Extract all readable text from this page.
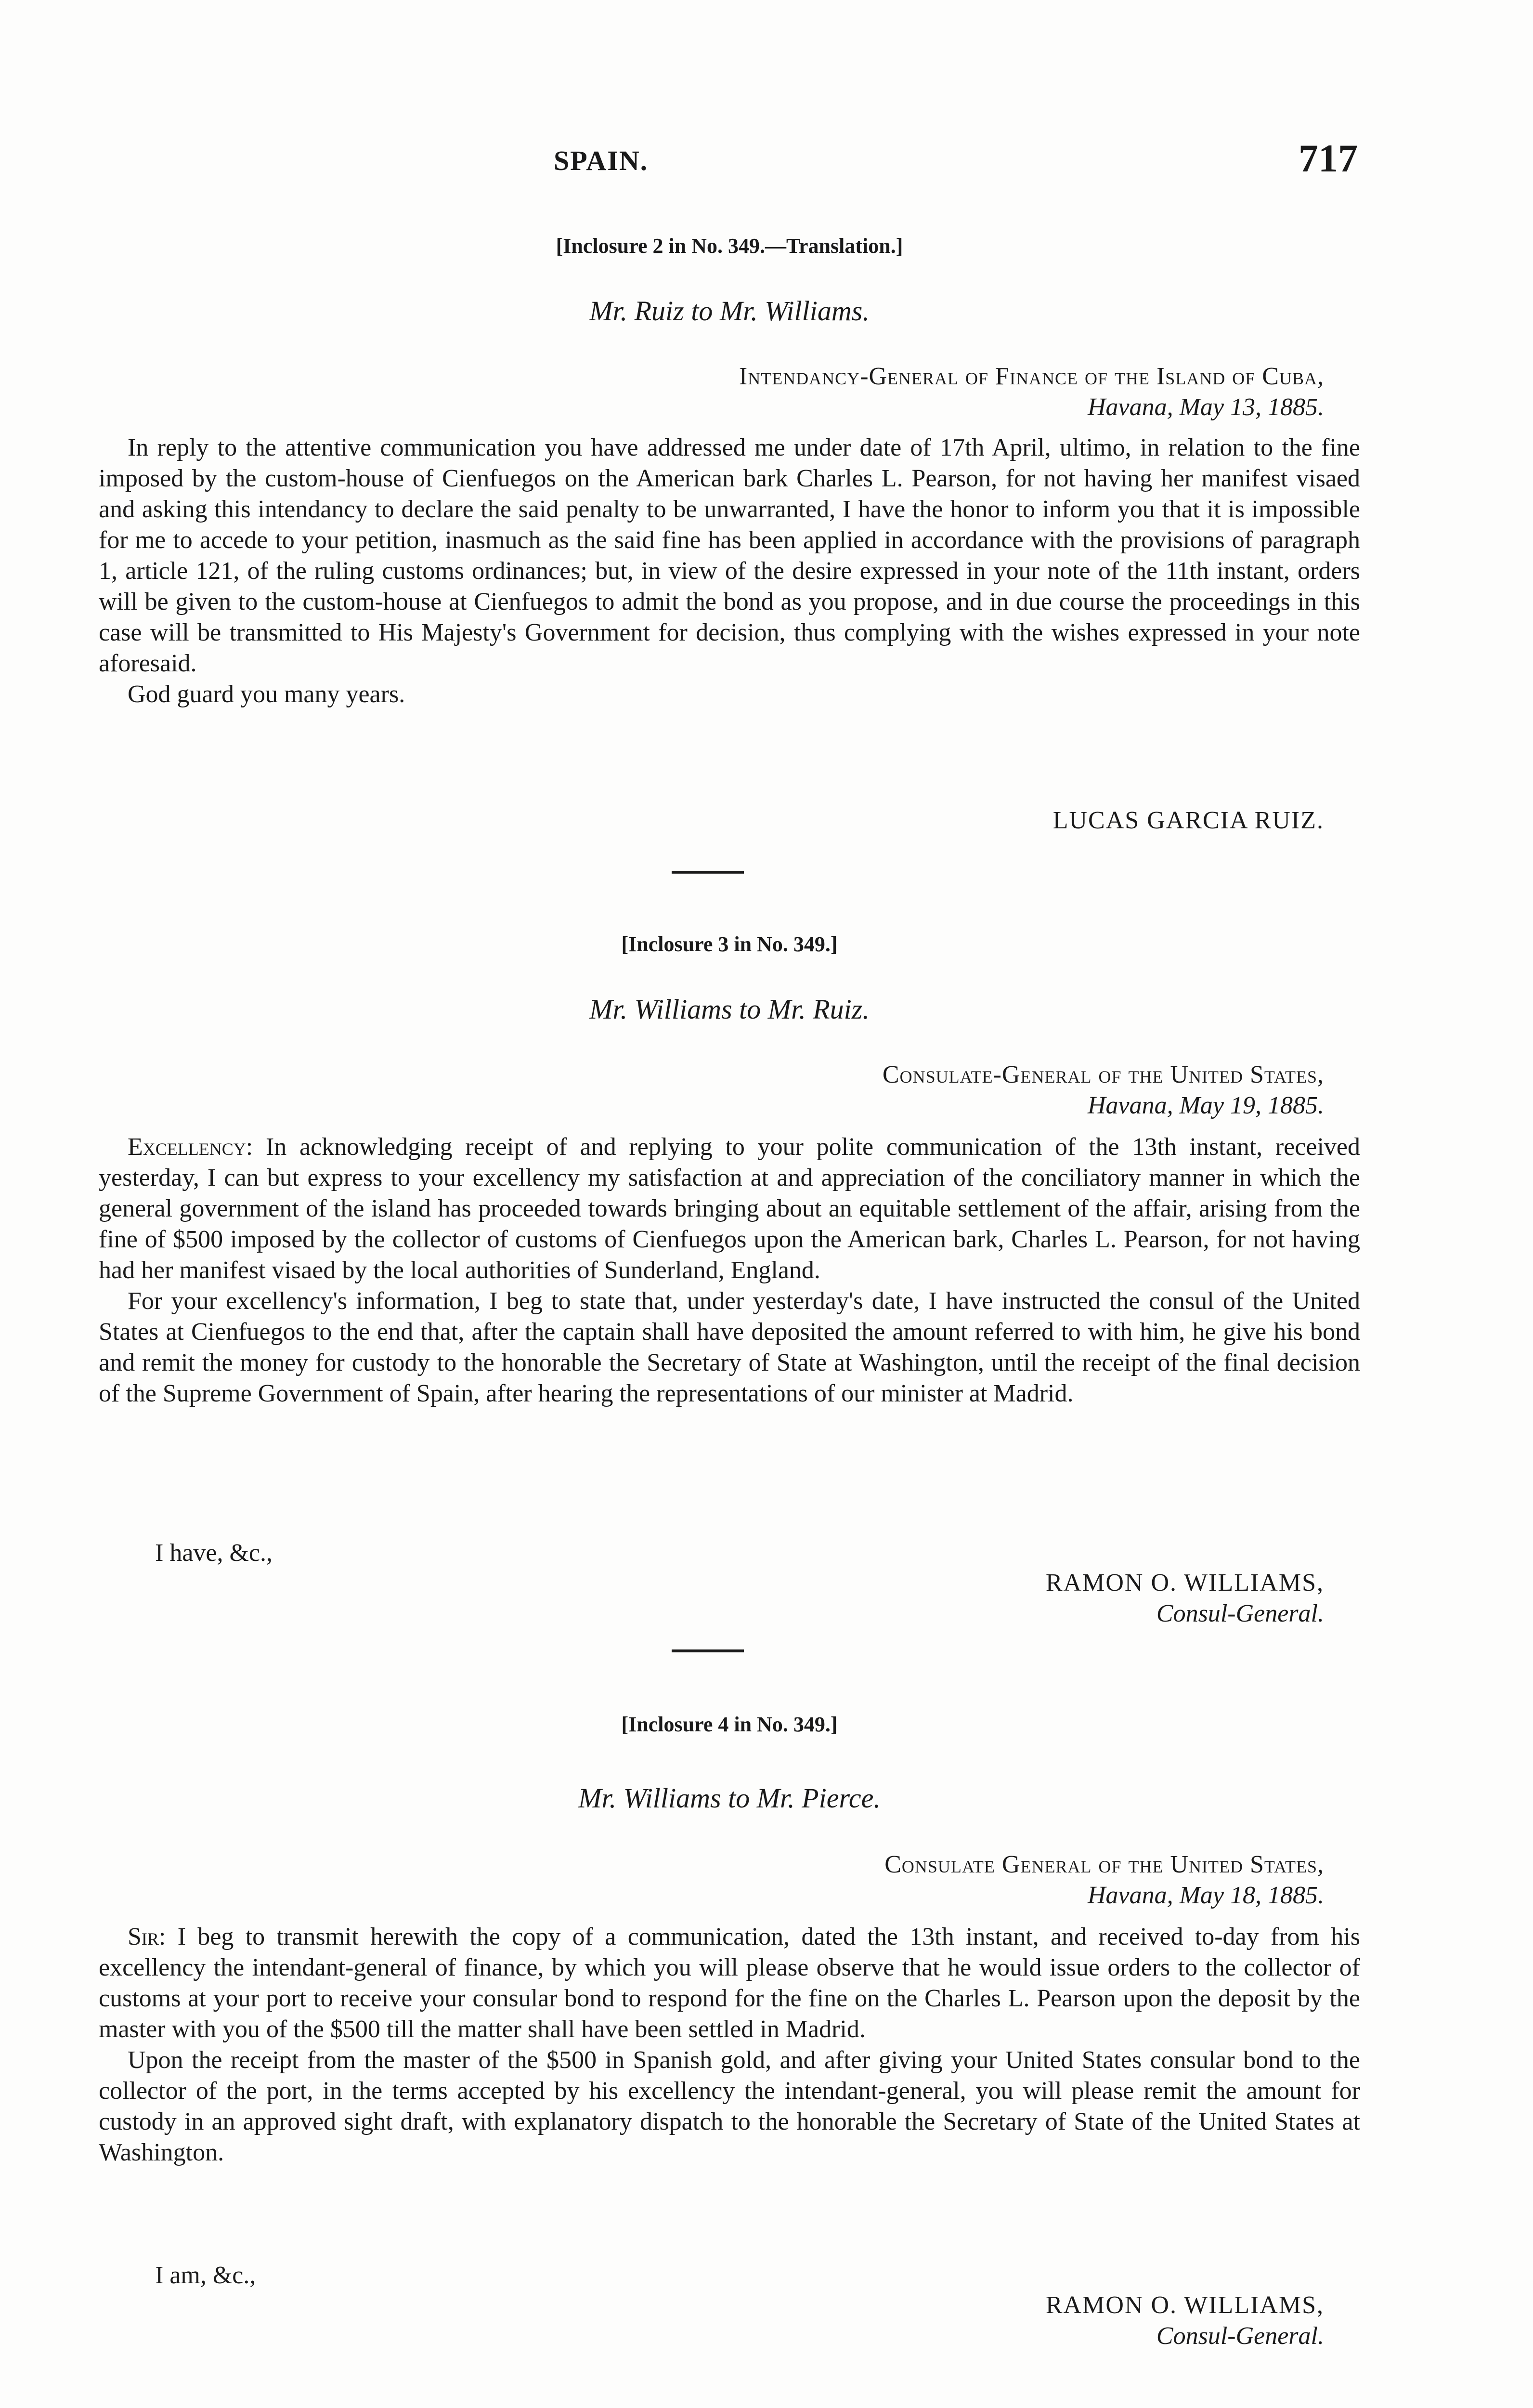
SPAIN.	717
[Inclosure 2 in No. 349.—Translation.]
Mr. Ruiz to Mr. Williams.
Intendancy-General of Finance of the Island of Cuba,
Havana, May 13, 1885.

In reply to the attentive communication you have addressed me under date of 17th April, ultimo, in relation to the fine imposed by the custom-house of Cienfuegos on the American bark Charles L. Pearson, for not having her manifest visaed and asking this intendancy to declare the said penalty to be unwarranted, I have the honor to inform you that it is impossible for me to accede to your petition, inasmuch as the said fine has been applied in accordance with the provisions of paragraph 1, article 121, of the ruling customs ordinances; but, in view of the desire expressed in your note of the 11th instant, orders will be given to the custom-house at Cienfuegos to admit the bond as you propose, and in due course the proceedings in this case will be transmitted to His Majesty's Government for decision, thus complying with the wishes expressed in your note aforesaid.

God guard you many years.

LUCAS GARCIA RUIZ.
[Inclosure 3 in No. 349.]
Mr. Williams to Mr. Ruiz.
Consulate-General of the United States,
Havana, May 19, 1885.

Excellency: In acknowledging receipt of and replying to your polite communication of the 13th instant, received yesterday, I can but express to your excellency my satisfaction at and appreciation of the conciliatory manner in which the general government of the island has proceeded towards bringing about an equitable settlement of the affair, arising from the fine of $500 imposed by the collector of customs of Cienfuegos upon the American bark, Charles L. Pearson, for not having had her manifest visaed by the local authorities of Sunderland, England.

For your excellency's information, I beg to state that, under yesterday's date, I have instructed the consul of the United States at Cienfuegos to the end that, after the captain shall have deposited the amount referred to with him, he give his bond and remit the money for custody to the honorable the Secretary of State at Washington, until the receipt of the final decision of the Supreme Government of Spain, after hearing the representations of our minister at Madrid.

I have, &c.,
RAMON O. WILLIAMS,
Consul-General.
[Inclosure 4 in No. 349.]
Mr. Williams to Mr. Pierce.
Consulate General of the United States,
Havana, May 18, 1885.

Sir: I beg to transmit herewith the copy of a communication, dated the 13th instant, and received to-day from his excellency the intendant-general of finance, by which you will please observe that he would issue orders to the collector of customs at your port to receive your consular bond to respond for the fine on the Charles L. Pearson upon the deposit by the master with you of the $500 till the matter shall have been settled in Madrid.

Upon the receipt from the master of the $500 in Spanish gold, and after giving your United States consular bond to the collector of the port, in the terms accepted by his excellency the intendant-general, you will please remit the amount for custody in an approved sight draft, with explanatory dispatch to the honorable the Secretary of State of the United States at Washington.

I am, &c.,
RAMON O. WILLIAMS,
Consul-General.
